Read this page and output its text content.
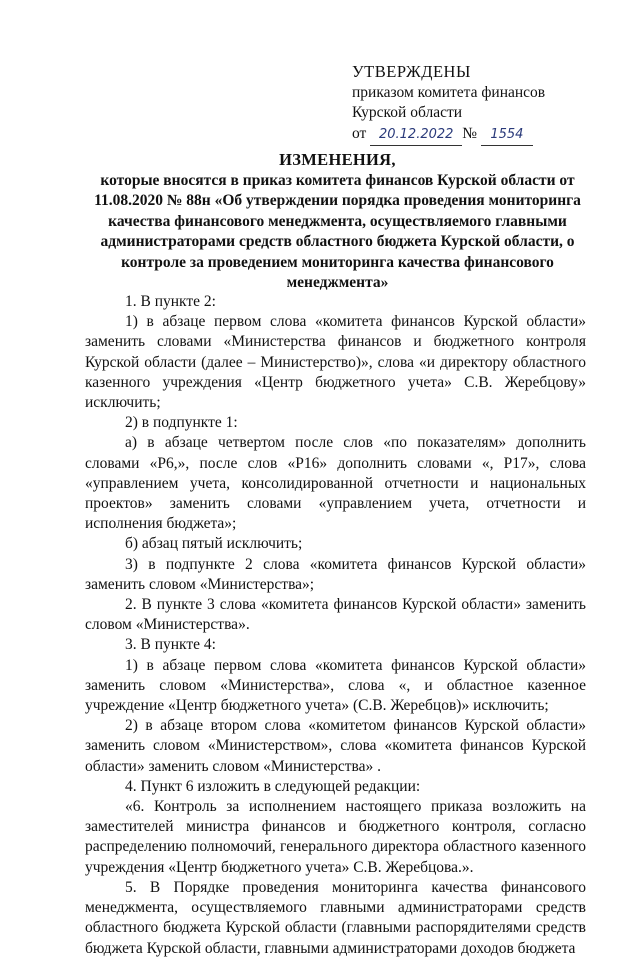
УТВЕРЖДЕНЫ
приказом комитета финансов
Курской области
от
20.12.2022 №
	1554
ИЗМЕНЕНИЯ,
которые вносятся в приказ комитета финансов Курской области от 11.08.2020 № 88н «Об утверждении порядка проведения мониторинга качества финансового менеджмента, осуществляемого главными администраторами средств областного бюджета Курской области, о контроле за проведением мониторинга качества финансового менеджмента»

1. В пункте 2:

1) в абзаце первом слова «комитета финансов Курской области» заменить словами «Министерства финансов и бюджетного контроля Курской области (далее – Министерство)», слова «и директору областного казенного учреждения «Центр бюджетного учета» С.В. Жеребцову» исключить;

2) в подпункте 1:

а) в абзаце четвертом после слов «по показателям» дополнить словами «Р6,», после слов «Р16» дополнить словами «, Р17», слова «управлением учета, консолидированной отчетности и национальных проектов» заменить словами «управлением учета, отчетности и исполнения бюджета»;

б) абзац пятый исключить;

3) в подпункте 2 слова «комитета финансов Курской области» заменить словом «Министерства»;

2. В пункте 3 слова «комитета финансов Курской области» заменить словом «Министерства».

3. В пункте 4:

1) в абзаце первом слова «комитета финансов Курской области» заменить словом «Министерства», слова «, и областное казенное учреждение «Центр бюджетного учета» (С.В. Жеребцов)» исключить;

2) в абзаце втором слова «комитетом финансов Курской области» заменить словом «Министерством», слова «комитета финансов Курской области» заменить словом «Министерства» .

4. Пункт 6 изложить в следующей редакции:

«6. Контроль за исполнением настоящего приказа возложить на заместителей министра финансов и бюджетного контроля, согласно распределению полномочий, генерального директора областного казенного учреждения «Центр бюджетного учета» С.В. Жеребцова.».

5. В Порядке проведения мониторинга качества финансового менеджмента, осуществляемого главными администраторами средств областного бюджета Курской области (главными распорядителями средств бюджета Курской области, главными администраторами доходов бюджета
